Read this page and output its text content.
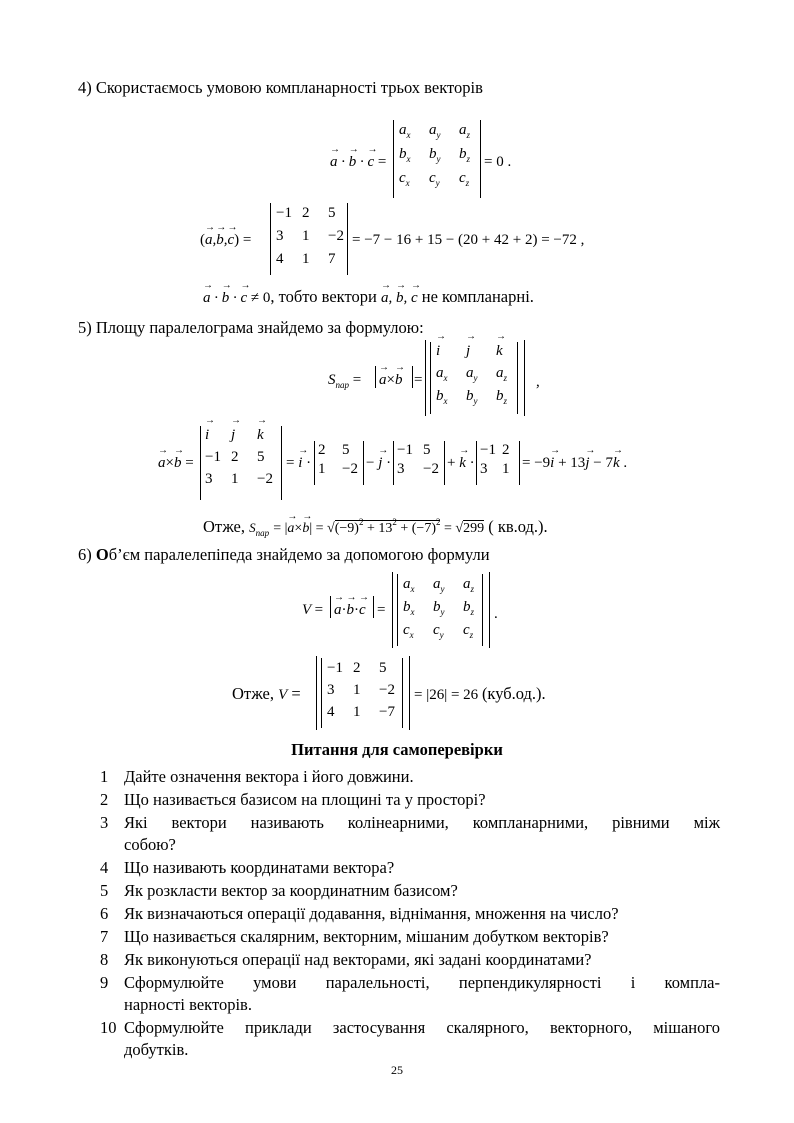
4) Скористаємось умовою компланарності трьох векторів
→ a · → b · → c =
$a_x$	$a_y$	$a_z$
$b_x$	$b_y$	$b_z$
$c_x$	$c_y$	$c_z$
= 0 .
(→ a,→ b,→ c) =
−1 2	5
3	1	−2
4	1	7
= −7 − 16 + 15 − (20 + 42 + 2) = −72 ,
→ a · → b · → c ≠ 0, тобто вектори → a, → b, → c не компланарні.
5) Площу паралелограма знайдемо за формулою:
$S_{пар}$ = → a×→ b =
→ i	→ j	→ k
$a_x$	$a_y$	$a_z$
$b_x$	$b_y$	$b_z$
,
→ a×→ b =
→ i	→ j	→ k
−1 2	5
3	1	−2
= → i ·
2	5
1	−2 − → j ·
−1 5
3	−2 + → k ·
−1 2
3 1 = −9→ i + 13→ j − 7→ k .
Отже, $S_{пар}$ = |→ $a\times\to b| = √(-9)^2 + 13^2 + (-7)^2 = √299$ ( кв.од.).
6) Об’єм паралелепіпеда знайдемо за допомогою формули
V = → a·→ b·→ c =
$a_x$	$a_y$	$a_z$
$b_x$	$b_y$	$b_z$
$c_x$	$c_y$	$c_z$
.
Отже, V =
−1 2	5
3	1	−2
4	1	−7
= |26| = 26 (куб.од.).
Питання для самоперевірки
1 Дайте означення вектора і його довжини.
2 Що називається базисом на площині та у просторі?
3 Які вектори називають колінеарними, компланарними, рівними між
собою?
4 Що називають координатами вектора?
5 Як розкласти вектор за координатним базисом?
6 Як визначаються операції додавання, віднімання, множення на число?
7 Що називається скалярним, векторним, мішаним добутком векторів?
8 Як виконуються операції над векторами, які задані координатами?
9 Сформулюйте умови паралельності, перпендикулярності і компла-
нарності векторів.
10 Сформулюйте приклади застосування скалярного, векторного, мішаного
добутків.
25
